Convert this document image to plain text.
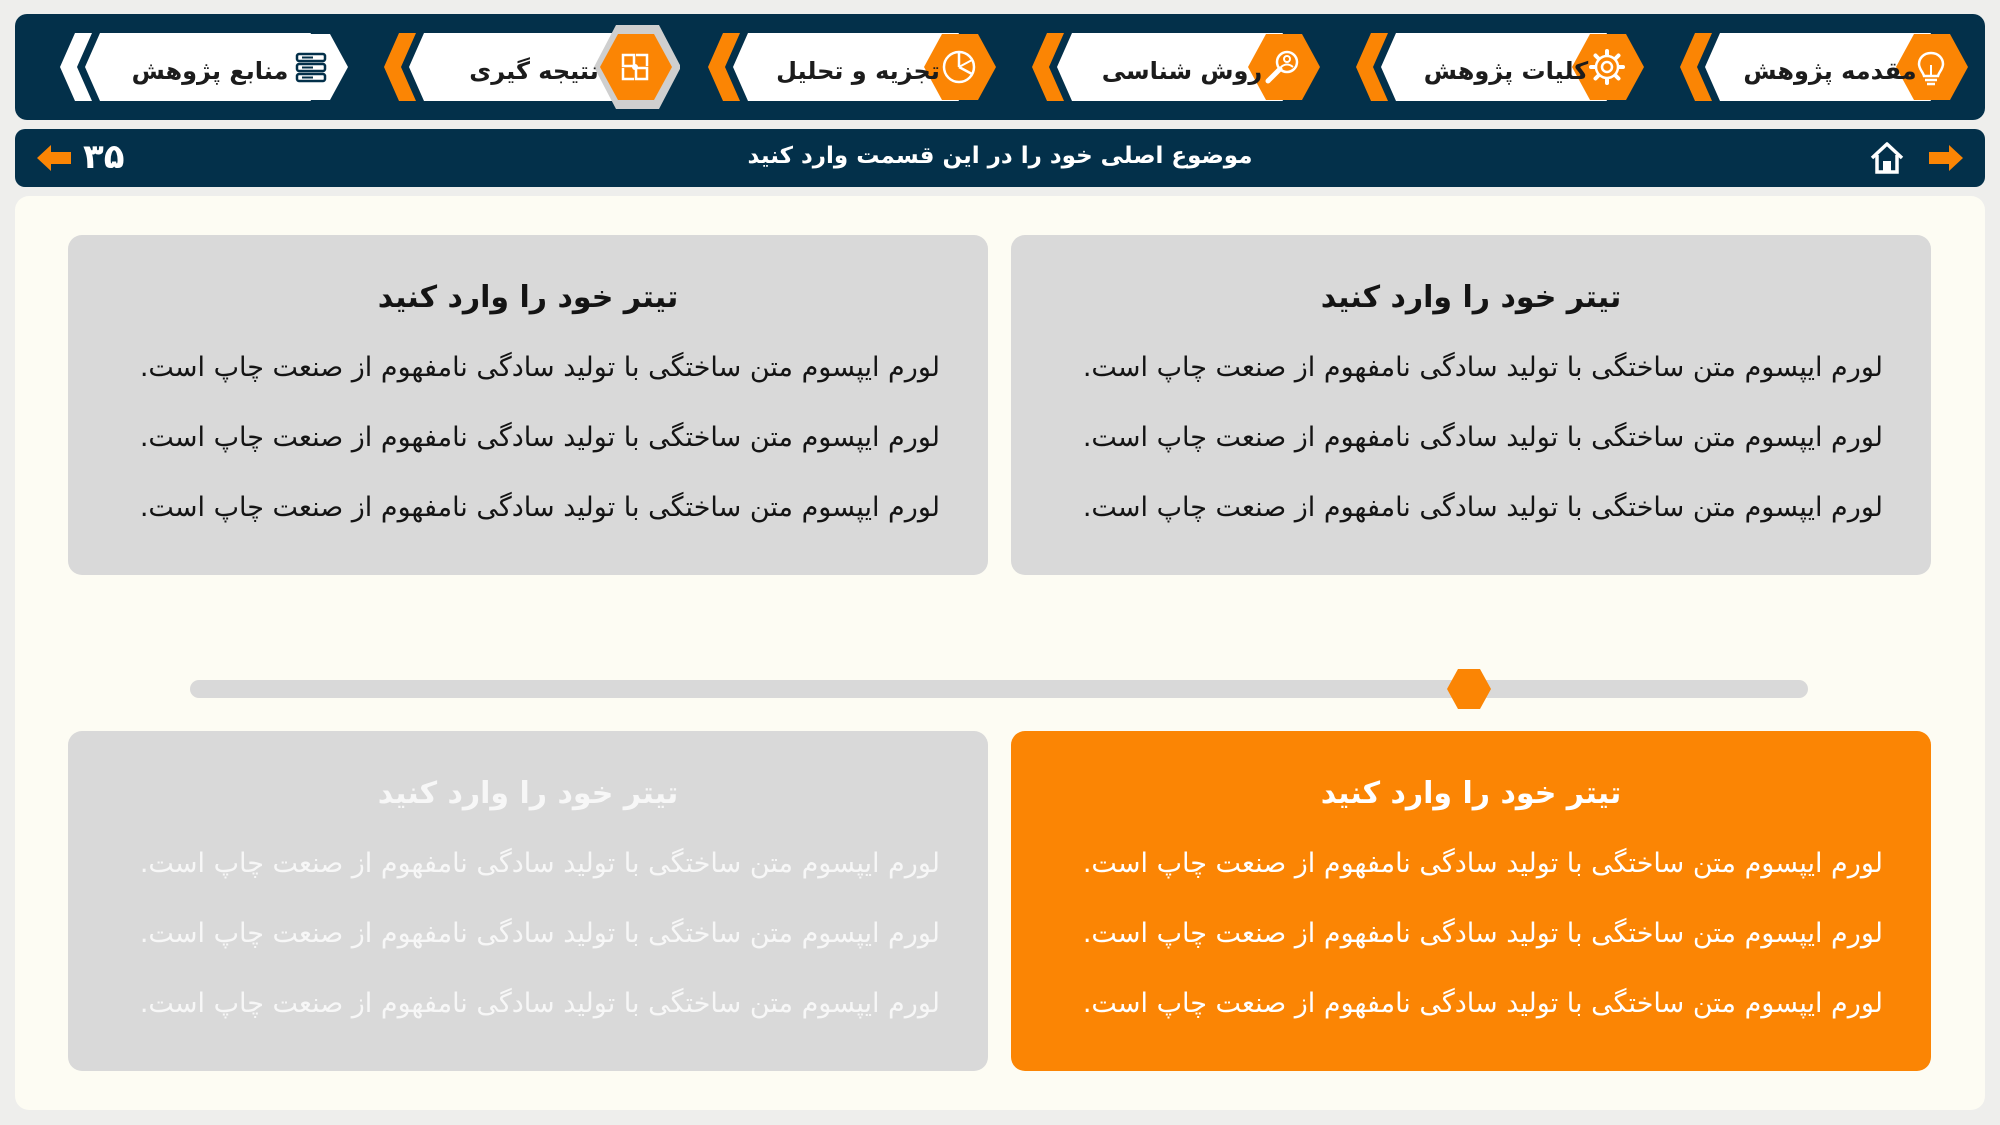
مقدمه پژوهش
کلیات پژوهش
روش شناسی
تجزیه و تحلیل
نتیجه گیری
منابع پژوهش
۳۵	موضوع اصلی خود را در این قسمت وارد کنید
تیتر خود را وارد کنید
لورم ایپسوم متن ساختگی با تولید سادگی نامفهوم از صنعت چاپ است.
لورم ایپسوم متن ساختگی با تولید سادگی نامفهوم از صنعت چاپ است.
لورم ایپسوم متن ساختگی با تولید سادگی نامفهوم از صنعت چاپ است.
تیتر خود را وارد کنید
لورم ایپسوم متن ساختگی با تولید سادگی نامفهوم از صنعت چاپ است.
لورم ایپسوم متن ساختگی با تولید سادگی نامفهوم از صنعت چاپ است.
لورم ایپسوم متن ساختگی با تولید سادگی نامفهوم از صنعت چاپ است.
تیتر خود را وارد کنید
لورم ایپسوم متن ساختگی با تولید سادگی نامفهوم از صنعت چاپ است.
لورم ایپسوم متن ساختگی با تولید سادگی نامفهوم از صنعت چاپ است.
لورم ایپسوم متن ساختگی با تولید سادگی نامفهوم از صنعت چاپ است.
تیتر خود را وارد کنید
لورم ایپسوم متن ساختگی با تولید سادگی نامفهوم از صنعت چاپ است.
لورم ایپسوم متن ساختگی با تولید سادگی نامفهوم از صنعت چاپ است.
لورم ایپسوم متن ساختگی با تولید سادگی نامفهوم از صنعت چاپ است.
